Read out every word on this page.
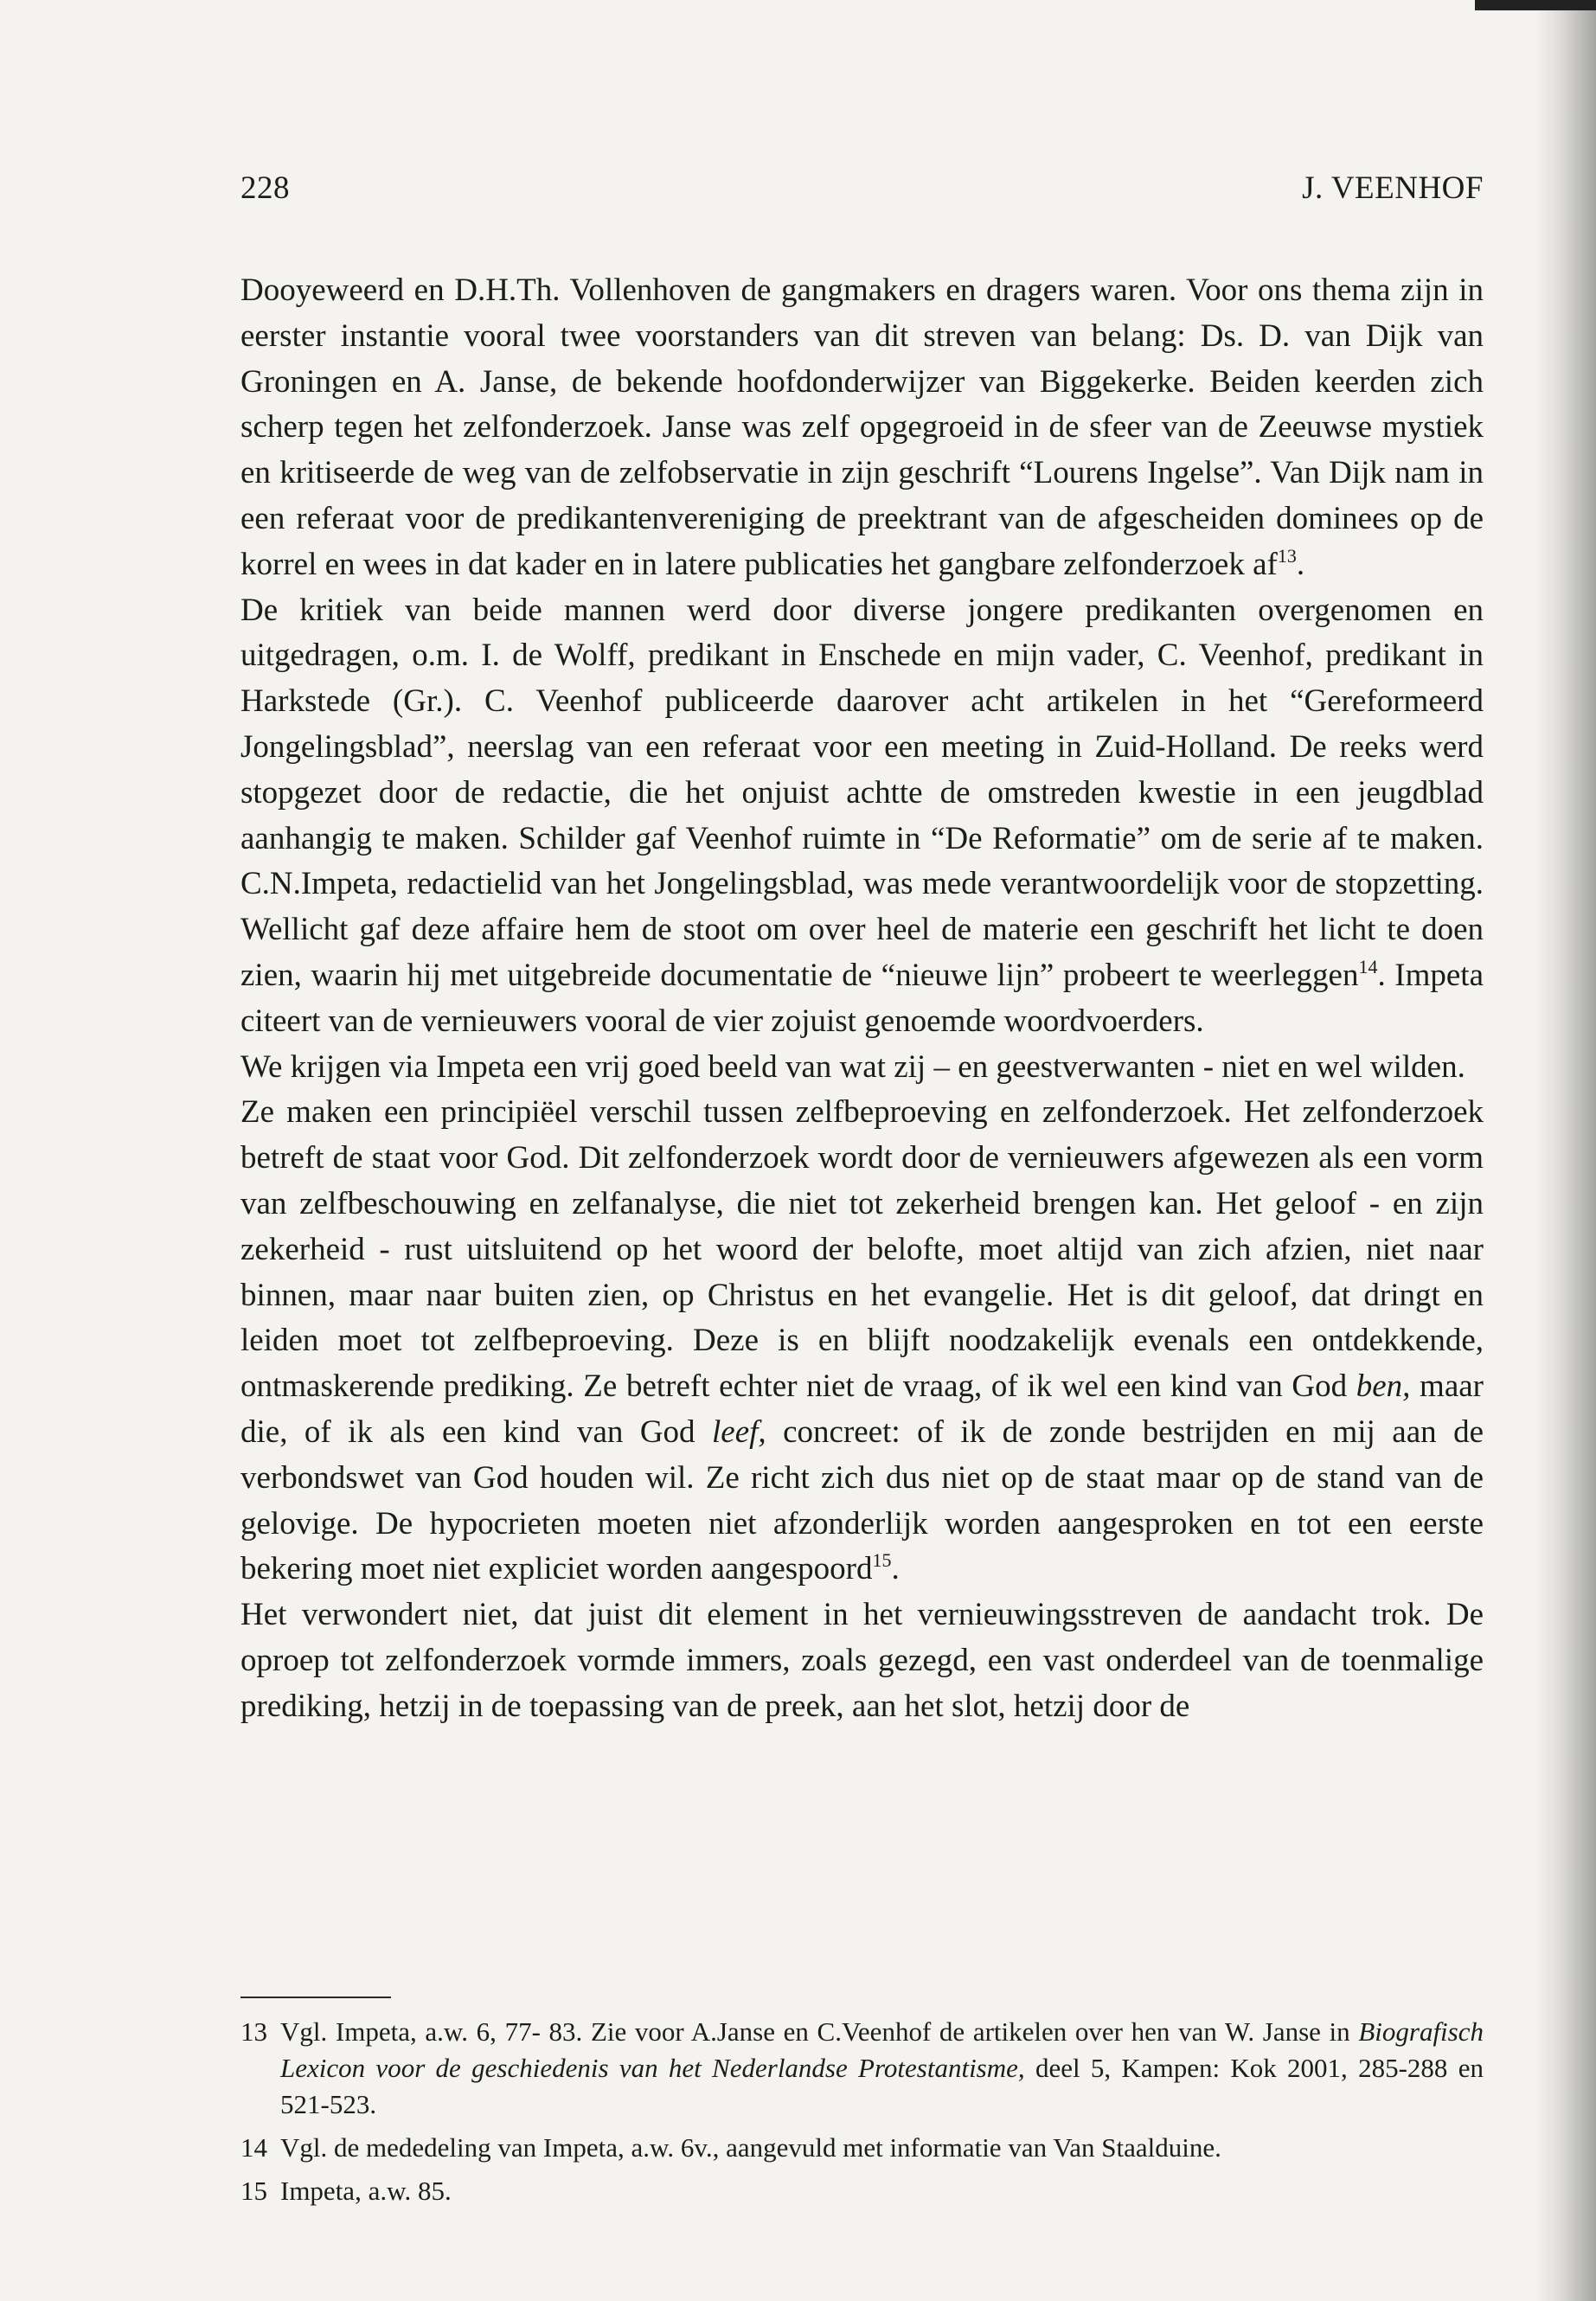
228	J. VEENHOF

Dooyeweerd en D.H.Th. Vollenhoven de gangmakers en dragers waren. Voor ons thema zijn in eerster instantie vooral twee voorstanders van dit streven van belang: Ds. D. van Dijk van Groningen en A. Janse, de bekende hoofdonderwijzer van Biggekerke. Beiden keerden zich scherp tegen het zelfonderzoek. Janse was zelf opgegroeid in de sfeer van de Zeeuwse mystiek en kritiseerde de weg van de zelfobservatie in zijn geschrift “Lourens Ingelse”. Van Dijk nam in een referaat voor de predikantenvereniging de preektrant van de afgescheiden dominees op de korrel en wees in dat kader en in latere publicaties het gangbare zelfonderzoek $af^{13}$.

De kritiek van beide mannen werd door diverse jongere predikanten overgenomen en uitgedragen, o.m. I. de Wolff, predikant in Enschede en mijn vader, C. Veenhof, predikant in Harkstede (Gr.). C. Veenhof publiceerde daarover acht artikelen in het “Gereformeerd Jongelingsblad”, neerslag van een referaat voor een meeting in Zuid-Holland. De reeks werd stopgezet door de redactie, die het onjuist achtte de omstreden kwestie in een jeugdblad aanhangig te maken. Schilder gaf Veenhof ruimte in “De Reformatie” om de serie af te maken. C.N.Impeta, redactielid van het Jongelingsblad, was mede verantwoordelijk voor de stopzetting. Wellicht gaf deze affaire hem de stoot om over heel de materie een geschrift het licht te doen zien, waarin hij met uitgebreide documentatie de “nieuwe lijn” probeert te weerleggen$^{14}$. Impeta citeert van de vernieuwers vooral de vier zojuist genoemde woordvoerders.

We krijgen via Impeta een vrij goed beeld van wat zij – en geestverwanten - niet en wel wilden.

Ze maken een principiëel verschil tussen zelfbeproeving en zelfonderzoek. Het zelfonderzoek betreft de staat voor God. Dit zelfonderzoek wordt door de vernieuwers afgewezen als een vorm van zelfbeschouwing en zelfanalyse, die niet tot zekerheid brengen kan. Het geloof - en zijn zekerheid - rust uitsluitend op het woord der belofte, moet altijd van zich afzien, niet naar binnen, maar naar buiten zien, op Christus en het evangelie. Het is dit geloof, dat dringt en leiden moet tot zelfbeproeving. Deze is en blijft noodzakelijk evenals een ontdekkende, ontmaskerende prediking. Ze betreft echter niet de vraag, of ik wel een kind van God ben, maar die, of ik als een kind van God leef, concreet: of ik de zonde bestrijden en mij aan de verbondswet van God houden wil. Ze richt zich dus niet op de staat maar op de stand van de gelovige. De hypocrieten moeten niet afzonderlijk worden aangesproken en tot een eerste bekering moet niet expliciet worden aangespoord$^{15}$.

Het verwondert niet, dat juist dit element in het vernieuwingsstreven de aandacht trok. De oproep tot zelfonderzoek vormde immers, zoals gezegd, een vast onderdeel van de toenmalige prediking, hetzij in de toepassing van de preek, aan het slot, hetzij door de

13 Vgl. Impeta, a.w. 6, 77- 83. Zie voor A.Janse en C.Veenhof de artikelen over hen van W. Janse in Biografisch Lexicon voor de geschiedenis van het Nederlandse Protestantisme, deel 5, Kampen: Kok 2001, 285-288 en 521-523.
14 Vgl. de mededeling van Impeta, a.w. 6v., aangevuld met informatie van Van Staalduine.
15 Impeta, a.w. 85.
